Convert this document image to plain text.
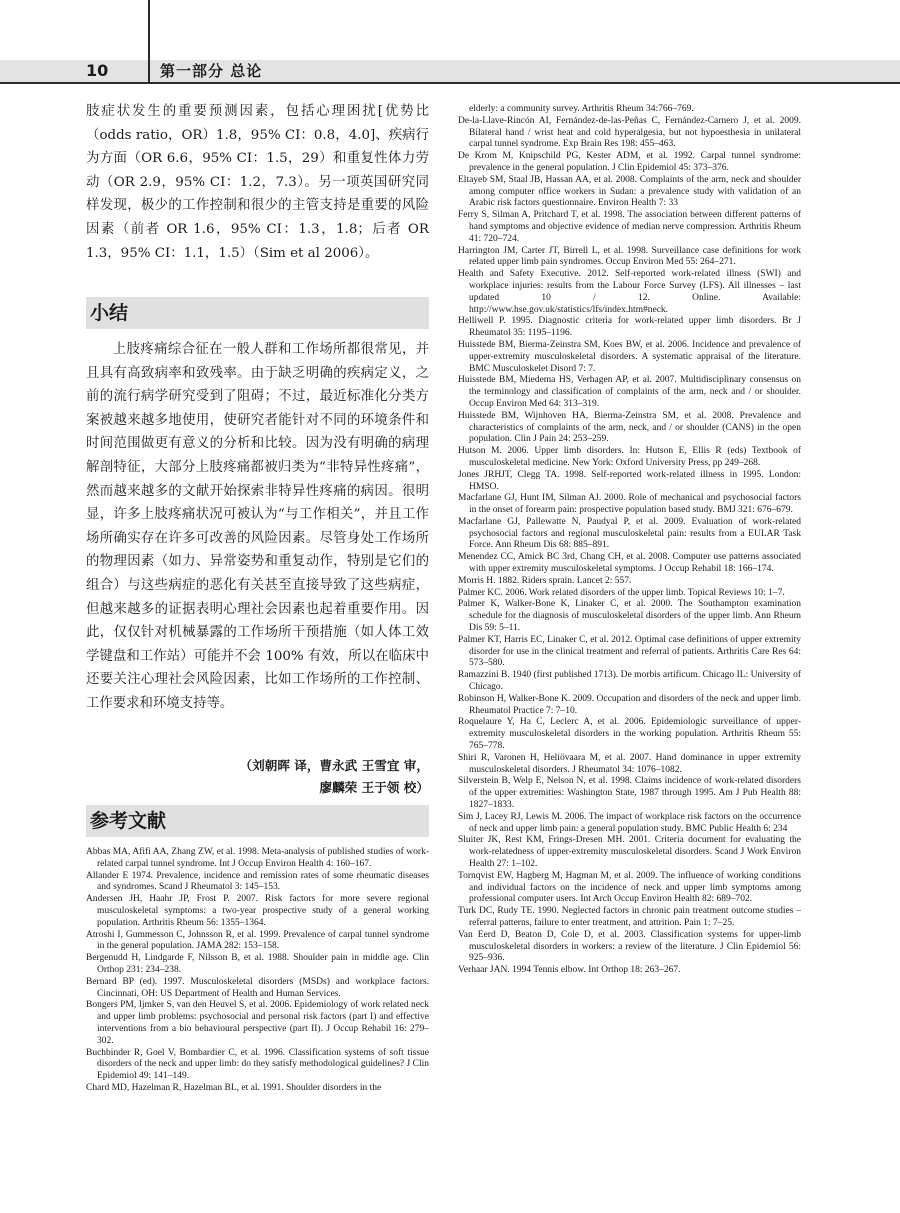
10	第一部分 总论

肢症状发生的重要预测因素，包括心理困扰[优势比（odds ratio，OR）1.8，95% CI：0.8，4.0]、疾病行为方面（OR 6.6，95% CI：1.5，29）和重复性体力劳动（OR 2.9，95% CI：1.2，7.3）。另一项英国研究同样发现，极少的工作控制和很少的主管支持是重要的风险因素（前者 OR 1.6，95% CI：1.3，1.8；后者 OR 1.3，95% CI：1.1，1.5）（Sim et al 2006）。

小结

上肢疼痛综合征在一般人群和工作场所都很常见，并且具有高致病率和致残率。由于缺乏明确的疾病定义，之前的流行病学研究受到了阻碍；不过，最近标准化分类方案被越来越多地使用，使研究者能针对不同的环境条件和时间范围做更有意义的分析和比较。因为没有明确的病理解剖特征，大部分上肢疼痛都被归类为“非特异性疼痛”，然而越来越多的文献开始探索非特异性疼痛的病因。很明显，许多上肢疼痛状况可被认为“与工作相关”，并且工作场所确实存在许多可改善的风险因素。尽管身处工作场所的物理因素（如力、异常姿势和重复动作，特别是它们的组合）与这些病症的恶化有关甚至直接导致了这些病症，但越来越多的证据表明心理社会因素也起着重要作用。因此，仅仅针对机械暴露的工作场所干预措施（如人体工效学键盘和工作站）可能并不会 100% 有效，所以在临床中还要关注心理社会风险因素，比如工作场所的工作控制、工作要求和环境支持等。

（刘朝晖 译，曹永武 王雪宜 审，
廖麟荣 王于领 校）
参考文献
Abbas MA, Afifi AA, Zhang ZW, et al. 1998. Meta-analysis of published studies of work-related carpal tunnel syndrome. Int J Occup Environ Health 4: 160–167.
Allander E 1974. Prevalence, incidence and remission rates of some rheumatic diseases and syndromes. Scand J Rheumatol 3: 145–153.
Andersen JH, Haahr JP, Frost P. 2007. Risk factors for more severe regional musculoskeletal symptoms: a two-year prospective study of a general working population. Arthritis Rheum 56: 1355–1364.
Atroshi I, Gummesson C, Johnsson R, et al. 1999. Prevalence of carpal tunnel syndrome in the general population. JAMA 282: 153–158.
Bergenudd H, Lindgarde F, Nilsson B, et al. 1988. Shoulder pain in middle age. Clin Orthop 231: 234–238.
Bernard BP (ed). 1997. Musculoskeletal disorders (MSDs) and workplace factors. Cincinnati, OH: US Department of Health and Human Services.
Bongers PM, Ijmker S, van den Heuvel S, et al. 2006. Epidemiology of work related neck and upper limb problems: psychosocial and personal risk factors (part I) and effective interventions from a bio behavioural perspective (part II). J Occup Rehabil 16: 279–302.
Buchbinder R, Goel V, Bombardier C, et al. 1996. Classification systems of soft tissue disorders of the neck and upper limb: do they satisfy methodological guidelines? J Clin Epidemiol 49: 141–149.
Chard MD, Hazelman R, Hazelman BL, et al. 1991. Shoulder disorders in the

elderly: a community survey. Arthritis Rheum 34:766–769.

De-la-Llave-Rincón AI, Fernández-de-las-Peñas C, Fernández-Carnero J, et al. 2009. Bilateral hand / wrist heat and cold hyperalgesia, but not hypoesthesia in unilateral carpal tunnel syndrome. Exp Brain Res 198: 455–463.
De Krom M, Knipschild PG, Kester ADM, et al. 1992. Carpal tunnel syndrome: prevalence in the general population. J Clin Epidemiol 45: 373–376.
Eltayeb SM, Staal JB, Hassan AA, et al. 2008. Complaints of the arm, neck and shoulder among computer office workers in Sudan: a prevalence study with validation of an Arabic risk factors questionnaire. Environ Health 7: 33
Ferry S, Silman A, Pritchard T, et al. 1998. The association between different patterns of hand symptoms and objective evidence of median nerve compression. Arthritis Rheum 41: 720–724.
Harrington JM, Carter JT, Birrell L, et al. 1998. Surveillance case definitions for work related upper limb pain syndromes. Occup Environ Med 55: 264–271.
Health and Safety Executive. 2012. Self-reported work-related illness (SWI) and workplace injuries: results from the Labour Force Survey (LFS). All illnesses – last updated 10 / 12. Online. Available: http://www.hse.gov.uk/statistics/lfs/index.htm#neck.
Helliwell P. 1995. Diagnostic criteria for work-related upper limb disorders. Br J Rheumatol 35: 1195–1196.
Huisstede BM, Bierma-Zeinstra SM, Koes BW, et al. 2006. Incidence and prevalence of upper-extremity musculoskeletal disorders. A systematic appraisal of the literature. BMC Musculoskelet Disord 7: 7.
Huisstede BM, Miedema HS, Verhagen AP, et al. 2007. Multidisciplinary consensus on the terminology and classification of complaints of the arm, neck and / or shoulder. Occup Environ Med 64: 313–319.
Huisstede BM, Wijnhoven HA, Bierma-Zeinstra SM, et al. 2008. Prevalence and characteristics of complaints of the arm, neck, and / or shoulder (CANS) in the open population. Clin J Pain 24: 253–259.
Hutson M. 2006. Upper limb disorders. In: Hutson E, Ellis R (eds) Textbook of musculoskeletal medicine. New York: Oxford University Press, pp 249–268.
Jones JRHJT, Clegg TA. 1998. Self-reported work-related illness in 1995. London: HMSO.
Macfarlane GJ, Hunt IM, Silman AJ. 2000. Role of mechanical and psychosocial factors in the onset of forearm pain: prospective population based study. BMJ 321: 676–679.
Macfarlane GJ, Pallewatte N, Paudyal P, et al. 2009. Evaluation of work-related psychosocial factors and regional musculoskeletal pain: results from a EULAR Task Force. Ann Rheum Dis 68: 885–891.
Menendez CC, Amick BC 3rd, Chang CH, et al. 2008. Computer use patterns associated with upper extremity musculoskeletal symptoms. J Occup Rehabil 18: 166–174.
Morris H. 1882. Riders sprain. Lancet 2: 557.
Palmer KC. 2006. Work related disorders of the upper limb. Topical Reviews 10: 1–7.
Palmer K, Walker-Bone K, Linaker C, et al. 2000. The Southampton examination schedule for the diagnosis of musculoskeletal disorders of the upper limb. Ann Rheum Dis 59: 5–11.
Palmer KT, Harris EC, Linaker C, et al. 2012. Optimal case definitions of upper extremity disorder for use in the clinical treatment and referral of patients. Arthritis Care Res 64: 573–580.
Ramazzini B. 1940 (first published 1713). De morbis artificum. Chicago IL: University of Chicago.
Robinson H, Walker-Bone K. 2009. Occupation and disorders of the neck and upper limb. Rheumatol Practice 7: 7–10.
Roquelaure Y, Ha C, Leclerc A, et al. 2006. Epidemiologic surveillance of upper-extremity musculoskeletal disorders in the working population. Arthritis Rheum 55: 765–778.
Shiri R, Varonen H, Heliövaara M, et al. 2007. Hand dominance in upper extremity musculoskeletal disorders. J Rheumatol 34: 1076–1082.
Silverstein B, Welp E, Nelson N, et al. 1998. Claims incidence of work-related disorders of the upper extremities: Washington State, 1987 through 1995. Am J Pub Health 88: 1827–1833.
Sim J, Lacey RJ, Lewis M. 2006. The impact of workplace risk factors on the occurrence of neck and upper limb pain: a general population study. BMC Public Health 6: 234
Sluiter JK, Rest KM, Frings-Dresen MH. 2001. Criteria document for evaluating the work-relatedness of upper-extremity musculoskeletal disorders. Scand J Work Environ Health 27: 1–102.
Tornqvist EW, Hagberg M, Hagman M, et al. 2009. The influence of working conditions and individual factors on the incidence of neck and upper limb symptoms among professional computer users. Int Arch Occup Environ Health 82: 689–702.
Turk DC, Rudy TE. 1990. Neglected factors in chronic pain treatment outcome studies – referral patterns, failure to enter treatment, and attrition. Pain 1: 7–25.
Van Eerd D, Beaton D, Cole D, et al. 2003. Classification systems for upper-limb musculoskeletal disorders in workers: a review of the literature. J Clin Epidemiol 56: 925–936.
Verhaar JAN. 1994 Tennis elbow. Int Orthop 18: 263–267.
